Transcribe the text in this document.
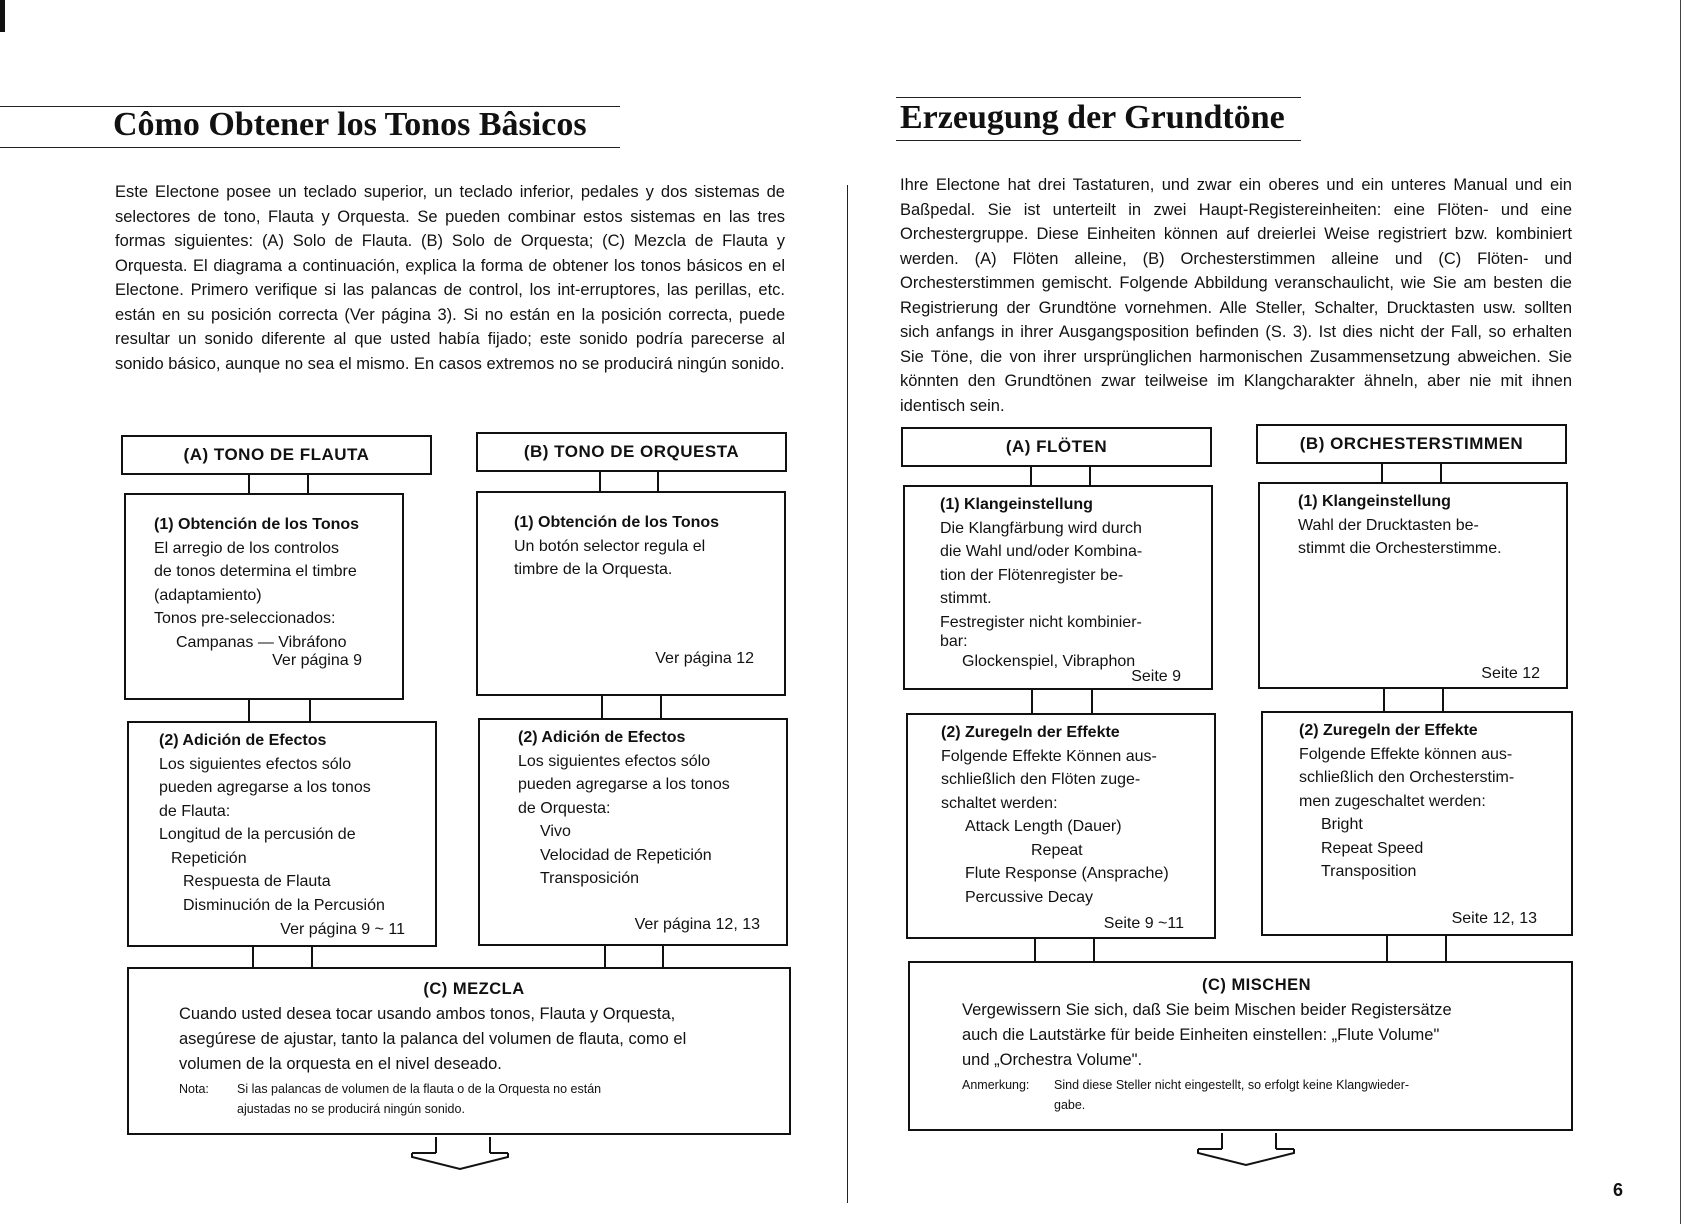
Cômo Obtener los Tonos Bâsicos

Este Electone posee un teclado superior, un teclado inferior, pedales y dos sistemas de selectores de tono, Flauta y Orquesta. Se pueden combinar estos sistemas en las tres formas siguientes: (A) Solo de Flauta. (B) Solo de Orquesta; (C) Mezcla de Flauta y Orquesta. El diagrama a continuación, explica la forma de obtener los tonos básicos en el Electone. Primero verifique si las palancas de control, los int-erruptores, las perillas, etc. están en su posición correcta (Ver página 3). Si no están en la posición correcta, puede resultar un sonido diferente al que usted había fijado; este sonido podría parecerse al sonido básico, aunque no sea el mismo. En casos extremos no se producirá ningún sonido.

(A) TONO DE FLAUTA	(B) TONO DE ORQUESTA

(1) Obtención de los Tonos

El arregio de los controlos

de tonos determina el timbre

(adaptamiento)

Tonos pre-seleccionados:

Campanas — Vibráfono

Ver página 9

(1) Obtención de los Tonos

Un botón selector regula el

timbre de la Orquesta.

Ver página 12

(2) Adición de Efectos

Los siguientes efectos sólo

pueden agregarse a los tonos

de Flauta:

Longitud de la percusión de

Repetición

Respuesta de Flauta

Disminución de la Percusión

Ver página 9 ~ 11

(2) Adición de Efectos

Los siguientes efectos sólo

pueden agregarse a los tonos

de Orquesta:

Vivo

Velocidad de Repetición

Transposición

Ver página 12, 13
(C) MEZCLA
Cuando usted desea tocar usando ambos tonos, Flauta y Orquesta,
asegúrese de ajustar, tanto la palanca del volumen de flauta, como el
volumen de la orquesta en el nivel deseado.
Nota:	Si las palancas de volumen de la flauta o de la Orquesta no están
ajustadas no se producirá ningún sonido.
Erzeugung der Grundtöne

Ihre Electone hat drei Tastaturen, und zwar ein oberes und ein unteres Manual und ein Baßpedal. Sie ist unterteilt in zwei Haupt-Registereinheiten: eine Flöten- und eine Orchestergruppe. Diese Einheiten können auf dreierlei Weise registriert bzw. kombiniert werden. (A) Flöten alleine, (B) Orchesterstimmen alleine und (C) Flöten- und Orchesterstimmen gemischt. Folgende Abbildung veranschaulicht, wie Sie am besten die Registrierung der Grundtöne vornehmen. Alle Steller, Schalter, Drucktasten usw. sollten sich anfangs in ihrer Ausgangsposition befinden (S. 3). Ist dies nicht der Fall, so erhalten Sie Töne, die von ihrer ursprünglichen harmonischen Zusammensetzung abweichen. Sie könnten den Grundtönen zwar teilweise im Klangcharakter ähneln, aber nie mit ihnen identisch sein.

(A) FLÖTEN	(B) ORCHESTERSTIMMEN

(1) Klangeinstellung

Die Klangfärbung wird durch

die Wahl und/oder Kombina-

tion der Flötenregister be-

stimmt.

Festregister nicht kombinier-

bar:

Glockenspiel, Vibraphon

Seite 9

(1) Klangeinstellung

Wahl der Drucktasten be-

stimmt die Orchesterstimme.

Seite 12

(2) Zuregeln der Effekte

Folgende Effekte Können aus-

schließlich den Flöten zuge-

schaltet werden:

Attack Length (Dauer)

Repeat

Flute Response (Ansprache)

Percussive Decay

Seite 9 ~11

(2) Zuregeln der Effekte

Folgende Effekte können aus-

schließlich den Orchesterstim-

men zugeschaltet werden:

Bright

Repeat Speed

Transposition

Seite 12, 13
(C) MISCHEN
Vergewissern Sie sich, daß Sie beim Mischen beider Registersätze
auch die Lautstärke für beide Einheiten einstellen: „Flute Volume"
und „Orchestra Volume".
Anmerkung:	Sind diese Steller nicht eingestellt, so erfolgt keine Klangwieder-
gabe.
6
